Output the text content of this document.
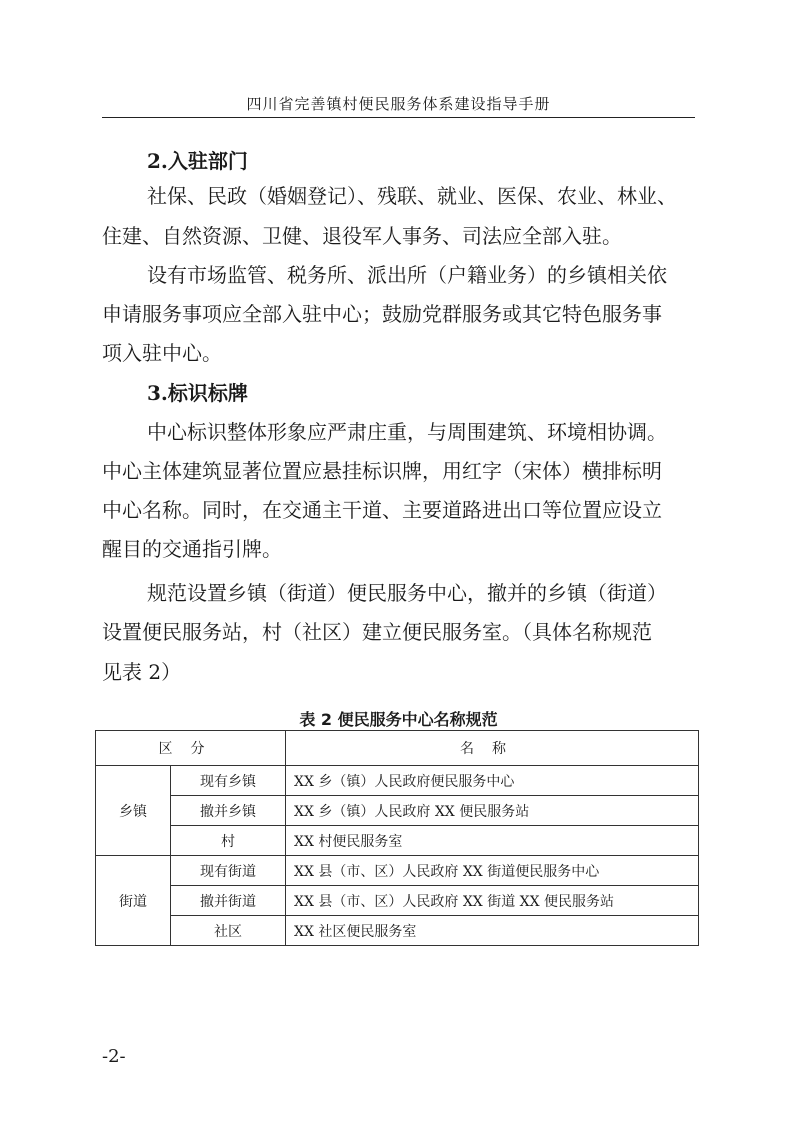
四川省完善镇村便民服务体系建设指导手册
2.入驻部门
社保、民政（婚姻登记）、残联、就业、医保、农业、林业、
住建、自然资源、卫健、退役军人事务、司法应全部入驻。
设有市场监管、税务所、派出所（户籍业务）的乡镇相关依
申请服务事项应全部入驻中心；鼓励党群服务或其它特色服务事
项入驻中心。
3.标识标牌
中心标识整体形象应严肃庄重，与周围建筑、环境相协调。
中心主体建筑显著位置应悬挂标识牌，用红字（宋体）横排标明
中心名称。同时，在交通主干道、主要道路进出口等位置应设立
醒目的交通指引牌。
规范设置乡镇（街道）便民服务中心，撤并的乡镇（街道）
设置便民服务站，村（社区）建立便民服务室。（具体名称规范
见表 2）
表 2 便民服务中心名称规范
区分		名称
乡镇	现有乡镇	XX 乡（镇）人民政府便民服务中心
	撤并乡镇	XX 乡（镇）人民政府 XX 便民服务站
	村	XX 村便民服务室
街道	现有街道	XX 县（市、区）人民政府 XX 街道便民服务中心
	撤并街道	XX 县（市、区）人民政府 XX 街道 XX 便民服务站
	社区	XX 社区便民服务室
-2-
